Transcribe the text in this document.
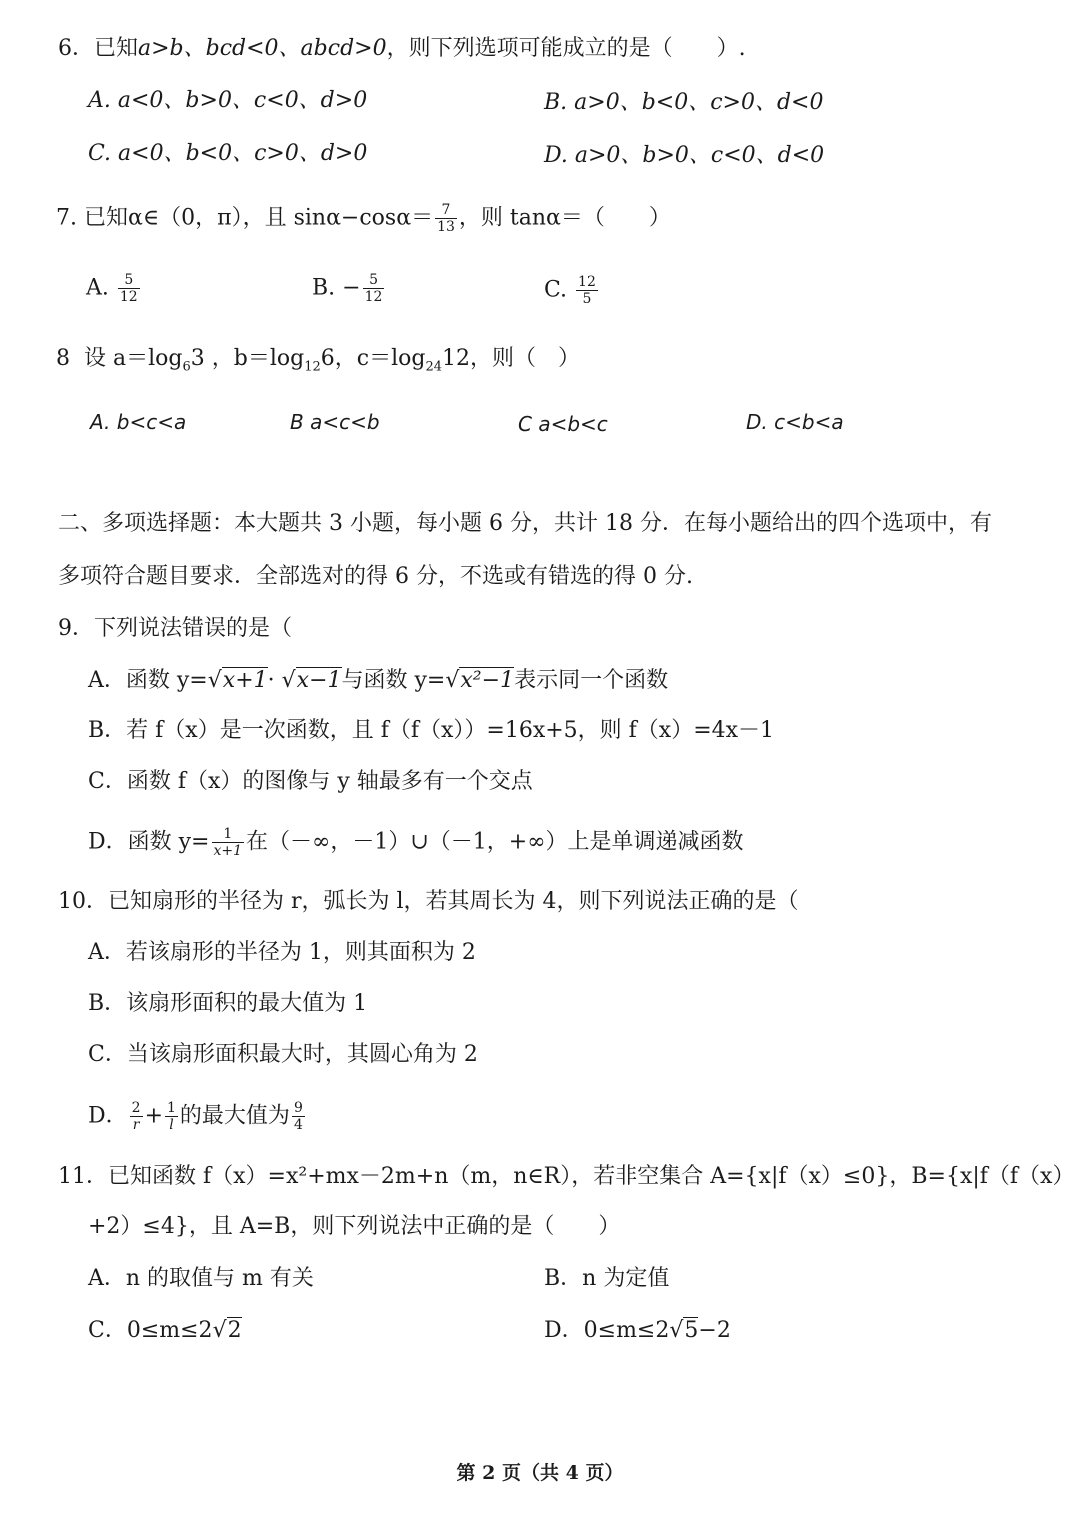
6．已知a>b、bcd<0、abcd>0，则下列选项可能成立的是（　　）.
A. a<0、b>0、c<0、d>0	B. a>0、b<0、c>0、d<0
C. a<0、b<0、c>0、d>0	D. a>0、b>0、c<0、d<0
7. 已知α∈（0，π），且 $\sin\alpha-\cos\alpha= \frac{7}{13}$ ，则 tanα＝（　　）
A. $\frac{5}{12}$	B. − $\frac{5}{12}$	C. $\frac{12}{5}$
8 设 $a=\log_63$ ，$b=\log_{12}6$，$c=\log_{24}12$，则（　）
A. b<c<a	B a<c<b	C a<b<c	D. c<b<a
二、多项选择题：本大题共 3 小题，每小题 6 分，共计 18 分．在每小题给出的四个选项中，有
多项符合题目要求．全部选对的得 6 分，不选或有错选的得 0 分.
9．下列说法错误的是（
A．函数 y=√x+1· √x−1与函数 y=√x²−1表示同一个函数
B．若 f（x）是一次函数，且 f（f（x））=16x+5，则 f（x）=4x－1
C．函数 f（x）的图像与 y 轴最多有一个交点
D．函数 $y= \frac{1}{x+1}$ 在（－∞，－1）∪（－1，+∞）上是单调递减函数
10．已知扇形的半径为 r，弧长为 l，若其周长为 4，则下列说法正确的是（
A．若该扇形的半径为 1，则其面积为 2
B．该扇形面积的最大值为 1
C．当该扇形面积最大时，其圆心角为 2
D． $\frac{2}{r} + \frac{1}{l}$ 的最大值为 $\frac{9}{4}$
11．已知函数 f（x）=x²+mx－2m+n（m，n∈R），若非空集合 A={x|f（x）≤0}，B={x|f（f（x）
+2）≤4}，且 A=B，则下列说法中正确的是（　　）
A．n 的取值与 m 有关	B．n 为定值
C．0≤m≤2√2	D．0≤m≤2√5−2
第 2 页（共 4 页）
